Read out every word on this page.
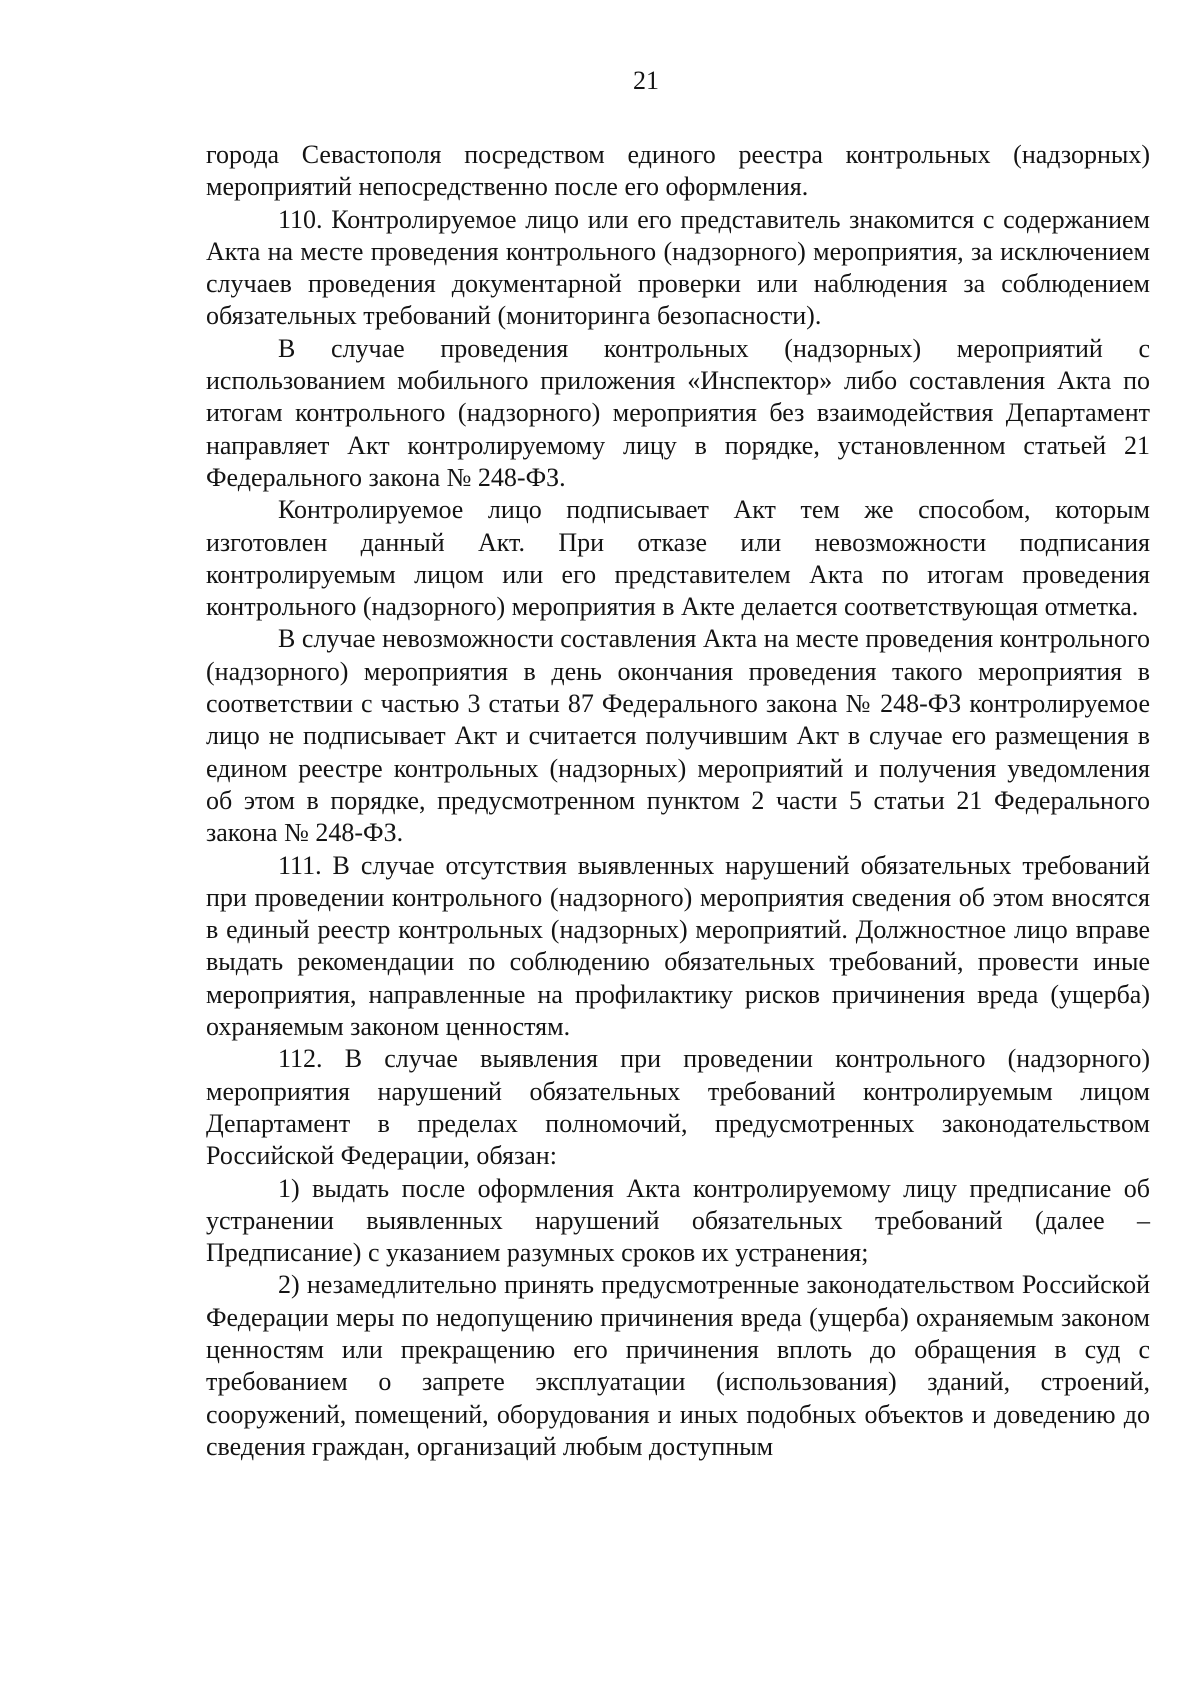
21

города Севастополя посредством единого реестра контрольных (надзорных) мероприятий непосредственно после его оформления.

110. Контролируемое лицо или его представитель знакомится с содержанием Акта на месте проведения контрольного (надзорного) мероприятия, за исключением случаев проведения документарной проверки или наблюдения за соблюдением обязательных требований (мониторинга безопасности).

В случае проведения контрольных (надзорных) мероприятий с использованием мобильного приложения «Инспектор» либо составления Акта по итогам контрольного (надзорного) мероприятия без взаимодействия Департамент направляет Акт контролируемому лицу в порядке, установленном статьей 21 Федерального закона № 248-ФЗ.

Контролируемое лицо подписывает Акт тем же способом, которым изготовлен данный Акт. При отказе или невозможности подписания контролируемым лицом или его представителем Акта по итогам проведения контрольного (надзорного) мероприятия в Акте делается соответствующая отметка.

В случае невозможности составления Акта на месте проведения контрольного (надзорного) мероприятия в день окончания проведения такого мероприятия в соответствии с частью 3 статьи 87 Федерального закона № 248-ФЗ контролируемое лицо не подписывает Акт и считается получившим Акт в случае его размещения в едином реестре контрольных (надзорных) мероприятий и получения уведомления об этом в порядке, предусмотренном пунктом 2 части 5 статьи 21 Федерального закона № 248-ФЗ.

111. В случае отсутствия выявленных нарушений обязательных требований при проведении контрольного (надзорного) мероприятия сведения об этом вносятся в единый реестр контрольных (надзорных) мероприятий. Должностное лицо вправе выдать рекомендации по соблюдению обязательных требований, провести иные мероприятия, направленные на профилактику рисков причинения вреда (ущерба) охраняемым законом ценностям.

112. В случае выявления при проведении контрольного (надзорного) мероприятия нарушений обязательных требований контролируемым лицом Департамент в пределах полномочий, предусмотренных законодательством Российской Федерации, обязан:

1) выдать после оформления Акта контролируемому лицу предписание об устранении выявленных нарушений обязательных требований (далее – Предписание) с указанием разумных сроков их устранения;

2) незамедлительно принять предусмотренные законодательством Российской Федерации меры по недопущению причинения вреда (ущерба) охраняемым законом ценностям или прекращению его причинения вплоть до обращения в суд с требованием о запрете эксплуатации (использования) зданий, строений, сооружений, помещений, оборудования и иных подобных объектов и доведению до сведения граждан, организаций любым доступным
